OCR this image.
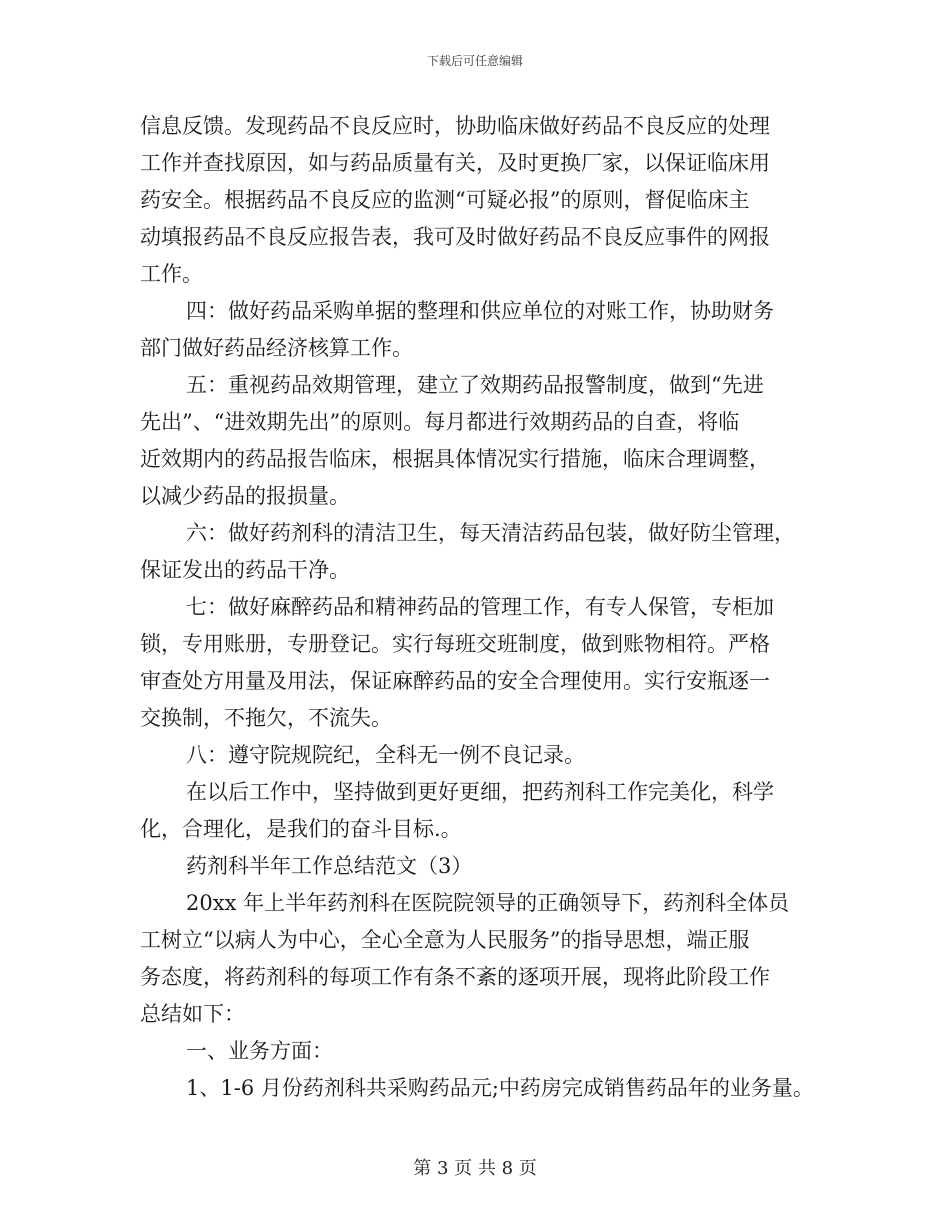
下载后可任意编辑
信息反馈。发现药品不良反应时，协助临床做好药品不良反应的处理
工作并查找原因，如与药品质量有关，及时更换厂家，以保证临床用
药安全。根据药品不良反应的监测“可疑必报”的原则，督促临床主
动填报药品不良反应报告表，我可及时做好药品不良反应事件的网报
工作。
四：做好药品采购单据的整理和供应单位的对账工作，协助财务
部门做好药品经济核算工作。
五：重视药品效期管理，建立了效期药品报警制度，做到“先进
先出”、“进效期先出”的原则。每月都进行效期药品的自查，将临
近效期内的药品报告临床，根据具体情况实行措施，临床合理调整，
以减少药品的报损量。
六：做好药剂科的清洁卫生，每天清洁药品包装，做好防尘管理，
保证发出的药品干净。
七：做好麻醉药品和精神药品的管理工作，有专人保管，专柜加
锁，专用账册，专册登记。实行每班交班制度，做到账物相符。严格
审查处方用量及用法，保证麻醉药品的安全合理使用。实行安瓶逐一
交换制，不拖欠，不流失。
八：遵守院规院纪，全科无一例不良记录。
在以后工作中，坚持做到更好更细，把药剂科工作完美化，科学
化，合理化，是我们的奋斗目标.。
药剂科半年工作总结范文（3）
20xx 年上半年药剂科在医院院领导的正确领导下，药剂科全体员
工树立“以病人为中心，全心全意为人民服务”的指导思想，端正服
务态度，将药剂科的每项工作有条不紊的逐项开展，现将此阶段工作
总结如下：
一、业务方面：
1、1-6 月份药剂科共采购药品元;中药房完成销售药品年的业务量。
第 3 页 共 8 页
